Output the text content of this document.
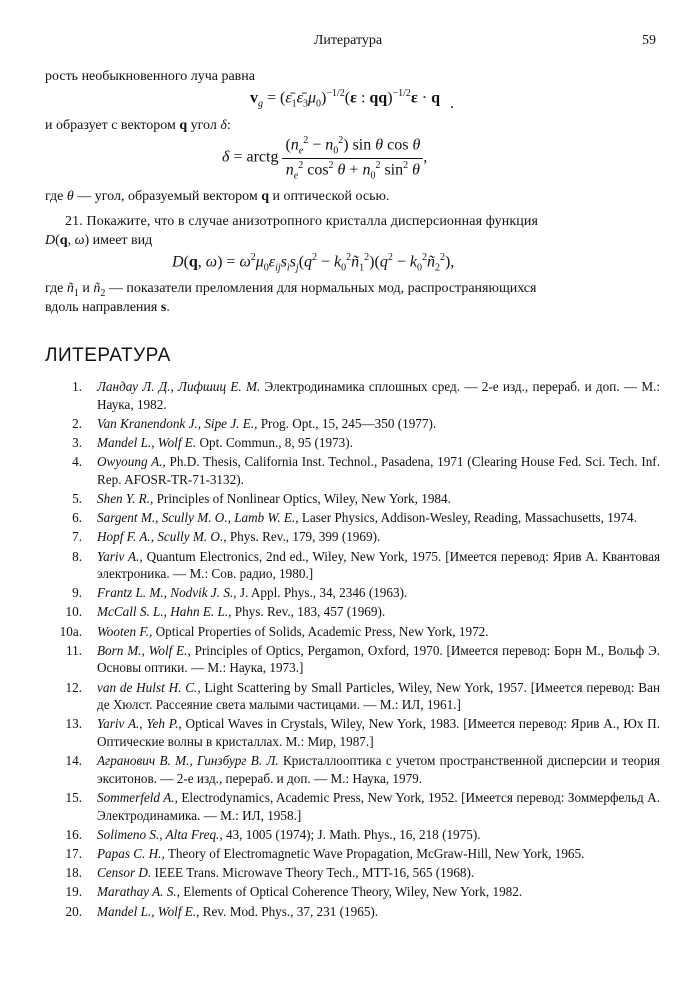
Литература	59
рость необыкновенного луча равна
$v_g$ = $(\varepsilon̄_1\varepsilon̄_3\mu_0)^{-1/2}(\varepsilon$ : qq)$^{-1/2}$ε · q .
и образует с вектором q угол δ:
δ = arctg $\frac{(n_e^2 - n_0^2) \sin \theta \cos \theta}{n_e^2 \cos^2 \theta + n_0^2 \sin^2 \theta}$ ,
где θ — угол, образуемый вектором q и оптической осью.
21. Покажите, что в случае анизотропного кристалла дисперсионная функция
D(q, ω) имеет вид
D(q, $\omega) = \omega^2\mu_0\varepsilon_{ij}s_is_j(q^2$ − $k_0^2ñ_1^2)(q^2$ − $k_0^2ñ_2^2$),
где $ñ_1$ и $ñ_2$ — показатели преломления для нормальных мод, распространяющихся
вдоль направления s.
ЛИТЕРАТУРА
1. Ландау Л. Д., Лифшиц Е. М. Электродинамика сплошных сред. — 2-е изд., перераб. и доп. — М.: Наука, 1982.
2. Van Kranendonk J., Sipe J. E., Prog. Opt., 15, 245—350 (1977).
3. Mandel L., Wolf E. Opt. Commun., 8, 95 (1973).
4. Owyoung A., Ph.D. Thesis, California Inst. Technol., Pasadena, 1971 (Clearing House Fed. Sci. Tech. Inf. Rep. AFOSR-TR-71-3132).
5. Shen Y. R., Principles of Nonlinear Optics, Wiley, New York, 1984.
6. Sargent M., Scully M. O., Lamb W. E., Laser Physics, Addison-Wesley, Reading, Massachusetts, 1974.
7. Hopf F. A., Scully M. O., Phys. Rev., 179, 399 (1969).
8. Yariv A., Quantum Electronics, 2nd ed., Wiley, New York, 1975. [Имеется перевод: Ярив А. Квантовая электроника. — М.: Сов. радио, 1980.]
9. Frantz L. M., Nodvik J. S., J. Appl. Phys., 34, 2346 (1963).
10. McCall S. L., Hahn E. L., Phys. Rev., 183, 457 (1969).
10a. Wooten F., Optical Properties of Solids, Academic Press, New York, 1972.
11. Born M., Wolf E., Principles of Optics, Pergamon, Oxford, 1970. [Имеется перевод: Борн М., Вольф Э. Основы оптики. — М.: Наука, 1973.]
12. van de Hulst H. C., Light Scattering by Small Particles, Wiley, New York, 1957. [Имеется перевод: Ван де Хюлст. Рассеяние света малыми частицами. — М.: ИЛ, 1961.]
13. Yariv A., Yeh P., Optical Waves in Crystals, Wiley, New York, 1983. [Имеется перевод: Ярив А., Юх П. Оптические волны в кристаллах. М.: Мир, 1987.]
14. Агранович В. М., Гинзбург В. Л. Кристаллооптика с учетом пространственной дисперсии и теория экситонов. — 2-е изд., перераб. и доп. — М.: Наука, 1979.
15. Sommerfeld A., Electrodynamics, Academic Press, New York, 1952. [Имеется перевод: Зоммерфельд А. Электродинамика. — М.: ИЛ, 1958.]
16. Solimeno S., Alta Freq., 43, 1005 (1974); J. Math. Phys., 16, 218 (1975).
17. Papas C. H., Theory of Electromagnetic Wave Propagation, McGraw-Hill, New York, 1965.
18. Censor D. IEEE Trans. Microwave Theory Tech., MTT-16, 565 (1968).
19. Marathay A. S., Elements of Optical Coherence Theory, Wiley, New York, 1982.
20. Mandel L., Wolf E., Rev. Mod. Phys., 37, 231 (1965).
